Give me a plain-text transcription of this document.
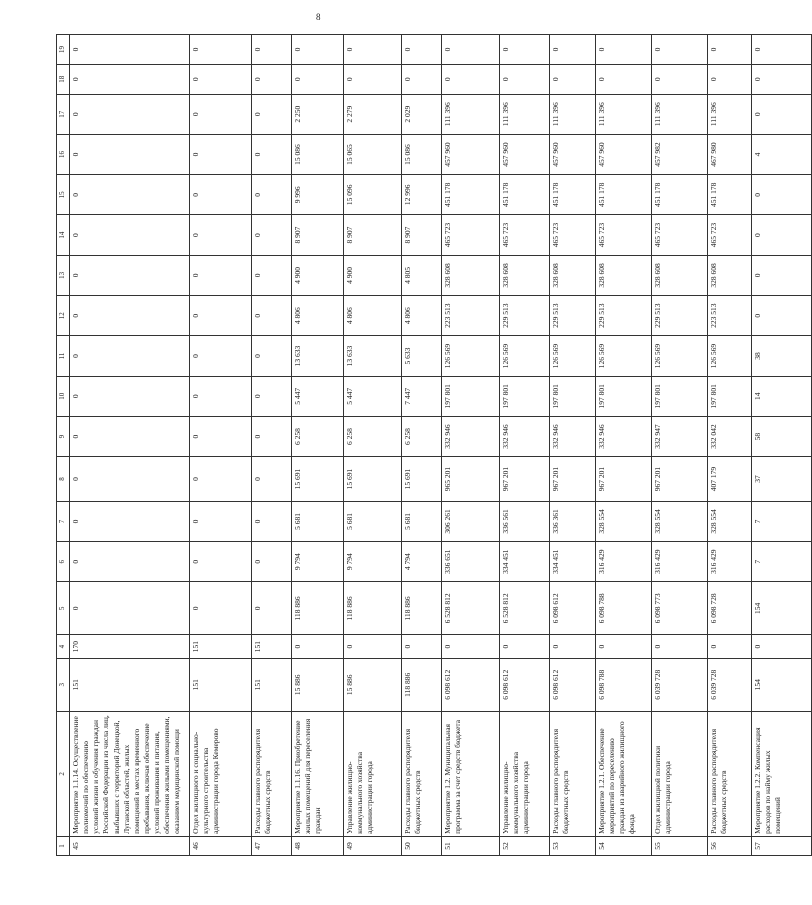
8
1	2	3	4	5	6	7	8	9	10	11	12	13	14	15	16	17	18	19
45	Мероприятие 1.1.14. Осуществление полномочий по обеспечению условий жизни и обучения граждан Российской Федерации из числа лиц, выбывших с территорий Донецкой, Луганской областей, жилых помещений в местах временного пребывания, включая обеспечение условий проживания и питания, обеспечения жилыми помещениями, оказанием медицинской помощи	151	170	0	0	0	0	0	0	0	0	0	0	0	0	0	0	0
46	Отдел жилищного и социально-культурного строительства администрации города Кемерово	151	151	0	0	0	0	0	0	0	0	0	0	0	0	0	0	0
47	Расходы главного распорядителя бюджетных средств	151	151	0	0	0	0	0	0	0	0	0	0	0	0	0	0	0
48	Мероприятие 1.1.16. Приобретение жилых помещений для переселения граждан	15 886	0	118 886	9 794	5 681	15 691	6 258	5 447	13 633	4 806	4 900	8 907	9 996	15 086	2 250	0	0
49	Управление жилищно-коммунального хозяйства администрации города	15 886	0	118 886	9 794	5 681	15 691	6 258	5 447	13 633	4 806	4 900	8 907	15 096	15 065	2 279	0	0
50	Расходы главного распорядителя бюджетных средств	118 886	0	118 886	4 794	5 681	15 691	6 258	7 447	5 633	4 806	4 805	8 907	12 996	15 086	2 029	0	0
51	Мероприятие 1.2. Муниципальная программа за счет средств бюджета	6 098 612	0	6 528 812	336 651	306 261	965 201	332 946	197 801	126 569	223 513	328 608	465 723	451 178	457 960	111 396	0	0
52	Управление жилищно-коммунального хозяйства администрации города	6 098 612	0	6 528 812	334 451	336 561	967 201	332 946	197 801	126 569	229 513	328 608	465 723	451 178	457 960	111 396	0	0
53	Расходы главного распорядителя бюджетных средств	6 098 612	0	6 098 612	334 451	336 361	967 201	332 946	197 801	126 569	229 513	328 608	465 723	451 178	457 960	111 396	0	0
54	Мероприятие 1.2.1. Обеспечение мероприятий по переселению граждан из аварийного жилищного фонда	6 098 788	0	6 098 788	316 429	328 554	967 201	332 946	197 801	126 569	229 513	328 608	465 723	451 178	457 960	111 396	0	0
55	Отдел жилищной политики администрации города	6 039 728	0	6 098 773	316 429	328 554	967 201	332 947	197 801	126 569	229 513	328 608	465 723	451 178	457 982	111 396	0	0
56	Расходы главного распорядителя бюджетных средств	6 039 728	0	6 098 728	316 429	328 554	407 179	332 042	197 801	126 569	223 513	328 608	465 723	451 178	467 980	111 396	0	0
57	Мероприятие 1.2.2. Компенсация расходов по найму жилых помещений	154	0	154	7	7	37	58	14	38	0	0	0	0	4	0	0	0
